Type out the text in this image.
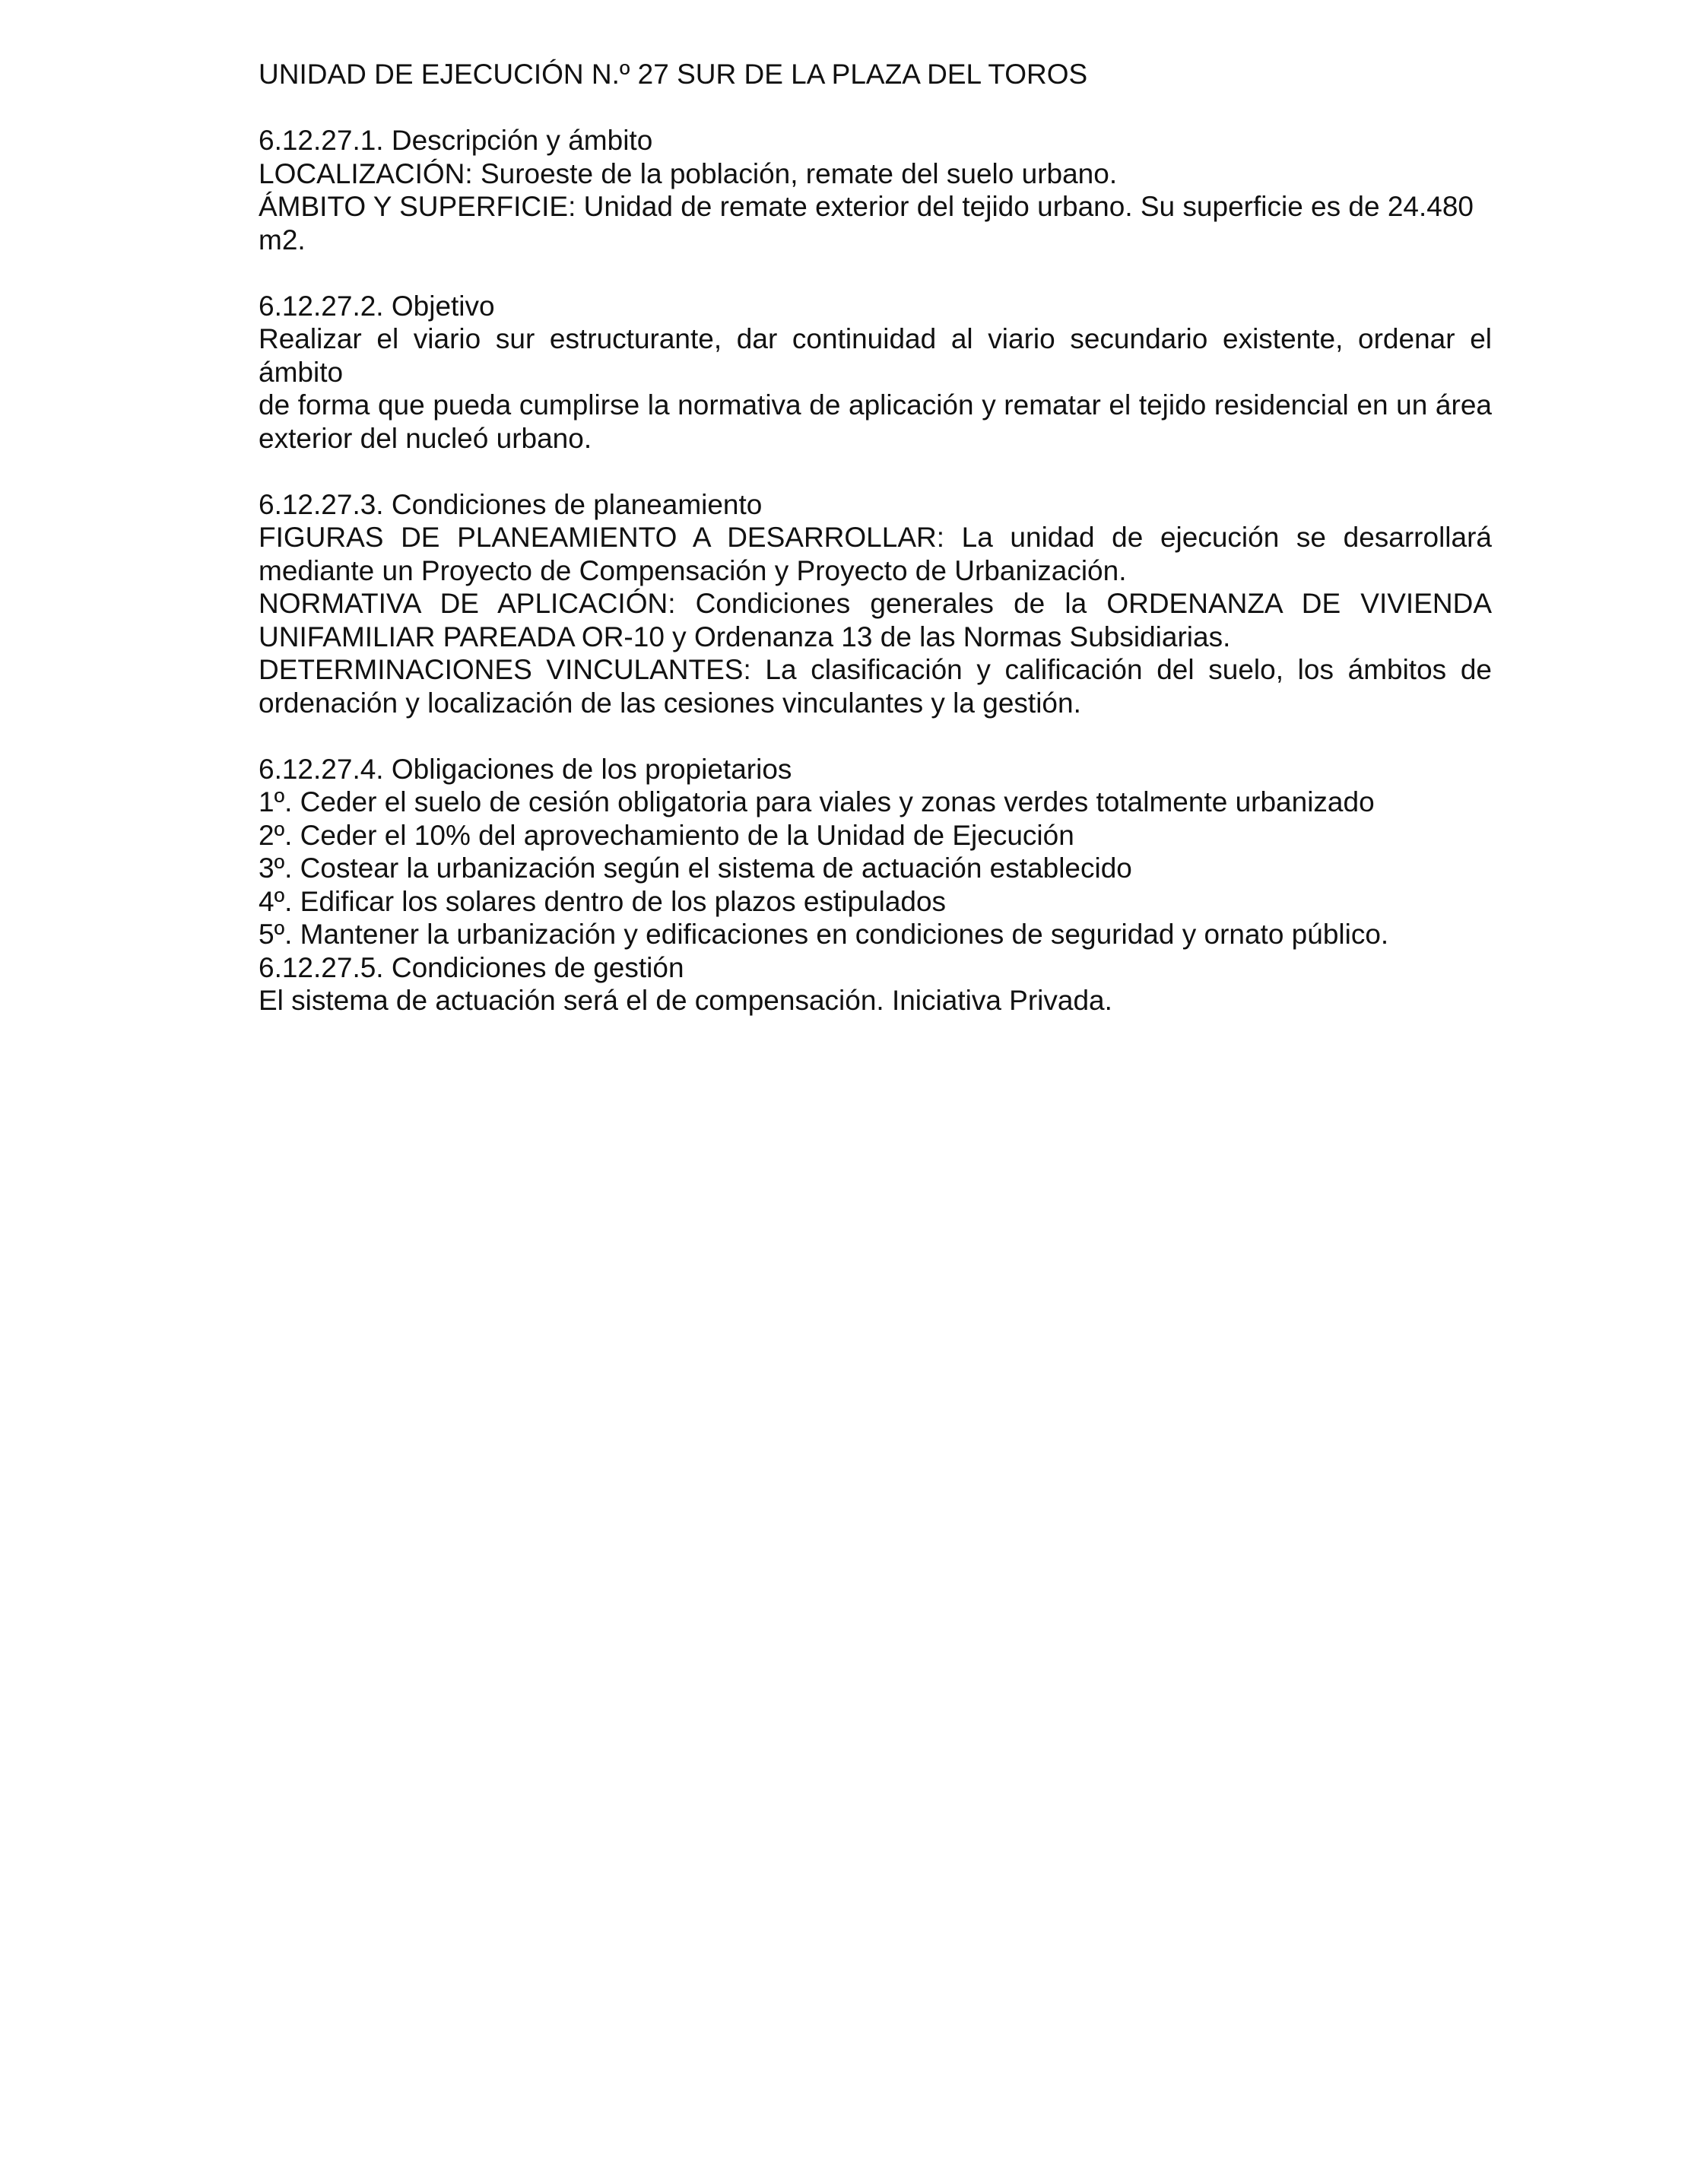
UNIDAD DE EJECUCIÓN N.º 27 SUR DE LA PLAZA DEL TOROS
6.12.27.1. Descripción y ámbito
LOCALIZACIÓN: Suroeste de la población, remate del suelo urbano.
ÁMBITO Y SUPERFICIE: Unidad de remate exterior del tejido urbano. Su superficie es de 24.480
m2.
6.12.27.2. Objetivo
Realizar el viario sur estructurante, dar continuidad al viario secundario existente, ordenar el ámbito
de forma que pueda cumplirse la normativa de aplicación y rematar el tejido residencial en un área
exterior del nucleó urbano.
6.12.27.3. Condiciones de planeamiento
FIGURAS DE PLANEAMIENTO A DESARROLLAR: La unidad de ejecución se desarrollará
mediante un Proyecto de Compensación y Proyecto de Urbanización.
NORMATIVA DE APLICACIÓN: Condiciones generales de la ORDENANZA DE VIVIENDA
UNIFAMILIAR PAREADA OR-10 y Ordenanza 13 de las Normas Subsidiarias.
DETERMINACIONES VINCULANTES: La clasificación y calificación del suelo, los ámbitos de
ordenación y localización de las cesiones vinculantes y la gestión.
6.12.27.4. Obligaciones de los propietarios
1º. Ceder el suelo de cesión obligatoria para viales y zonas verdes totalmente urbanizado
2º. Ceder el 10% del aprovechamiento de la Unidad de Ejecución
3º. Costear la urbanización según el sistema de actuación establecido
4º. Edificar los solares dentro de los plazos estipulados
5º. Mantener la urbanización y edificaciones en condiciones de seguridad y ornato público.
6.12.27.5. Condiciones de gestión
El sistema de actuación será el de compensación. Iniciativa Privada.
